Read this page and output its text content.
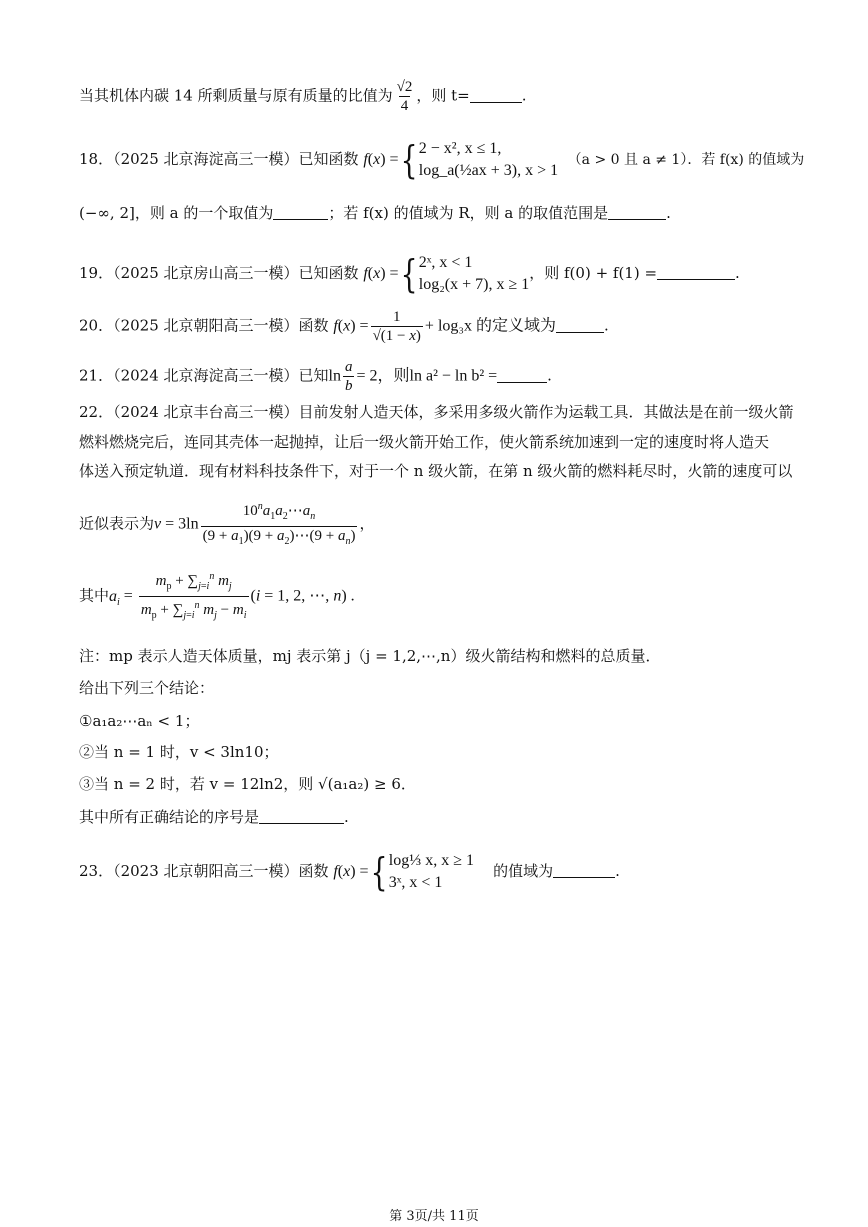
当其机体内碳 14 所剩质量与原有质量的比值为 $\frac{√2}{4}$ ，则 t=	.
18．（2025 北京海淀高三一模）已知函数 f(x) ={ 2 − x², x ≤ 1,
log_a(½ax + 3), x > 1
（a > 0 且 a ≠ 1）．若 f(x) 的值域为
(−∞, 2]，则 a 的一个取值为	；若 f(x) 的值域为 R，则 a 的取值范围是	.
19．（2025 北京房山高三一模）已知函数 f(x) ={ 2ˣ, x < 1
log₂(x + 7), x ≥ 1
，则 f(0) + f(1) =	.
20．（2025 北京朝阳高三一模）函数 $f(x) = \frac{1}{√(1 - x)} + \log_3x$ 的定义域为	.
21．（2024 北京海淀高三一模）已知$\ln \frac{a}{b} = 2$，则ln a² − ln b² =	.
22．（2024 北京丰台高三一模）目前发射人造天体，多采用多级火箭作为运载工具．其做法是在前一级火箭
燃料燃烧完后，连同其壳体一起抛掉，让后一级火箭开始工作，使火箭系统加速到一定的速度时将人造天
体送入预定轨道．现有材料科技条件下，对于一个 n 级火箭，在第 n 级火箭的燃料耗尽时，火箭的速度可以
近似表示为$v = 3\ln \frac{10^na_1a_2\cdots a_n}{(9 + a_1)(9 + a_2)\cdots(9 + a_n)}$ ，
其中$a_i = \frac{m_p + \sum_{j=i}^n m_j}{m_p + \sum_{j=i}^n m_j - m_i} (i = 1$, 2, ⋯, n) .
注：mp 表示人造天体质量，mj 表示第 j（j = 1,2,⋯,n）级火箭结构和燃料的总质量．
给出下列三个结论：
①a₁a₂⋯aₙ < 1；
②当 n = 1 时，v < 3ln10；
③当 n = 2 时，若 v = 12ln2，则 √(a₁a₂) ≥ 6．
其中所有正确结论的序号是	.
23．（2023 北京朝阳高三一模）函数 f(x) ={ log⅓ x, x ≥ 1
3ˣ, x < 1
的值域为	.
第 3页/共 11页
